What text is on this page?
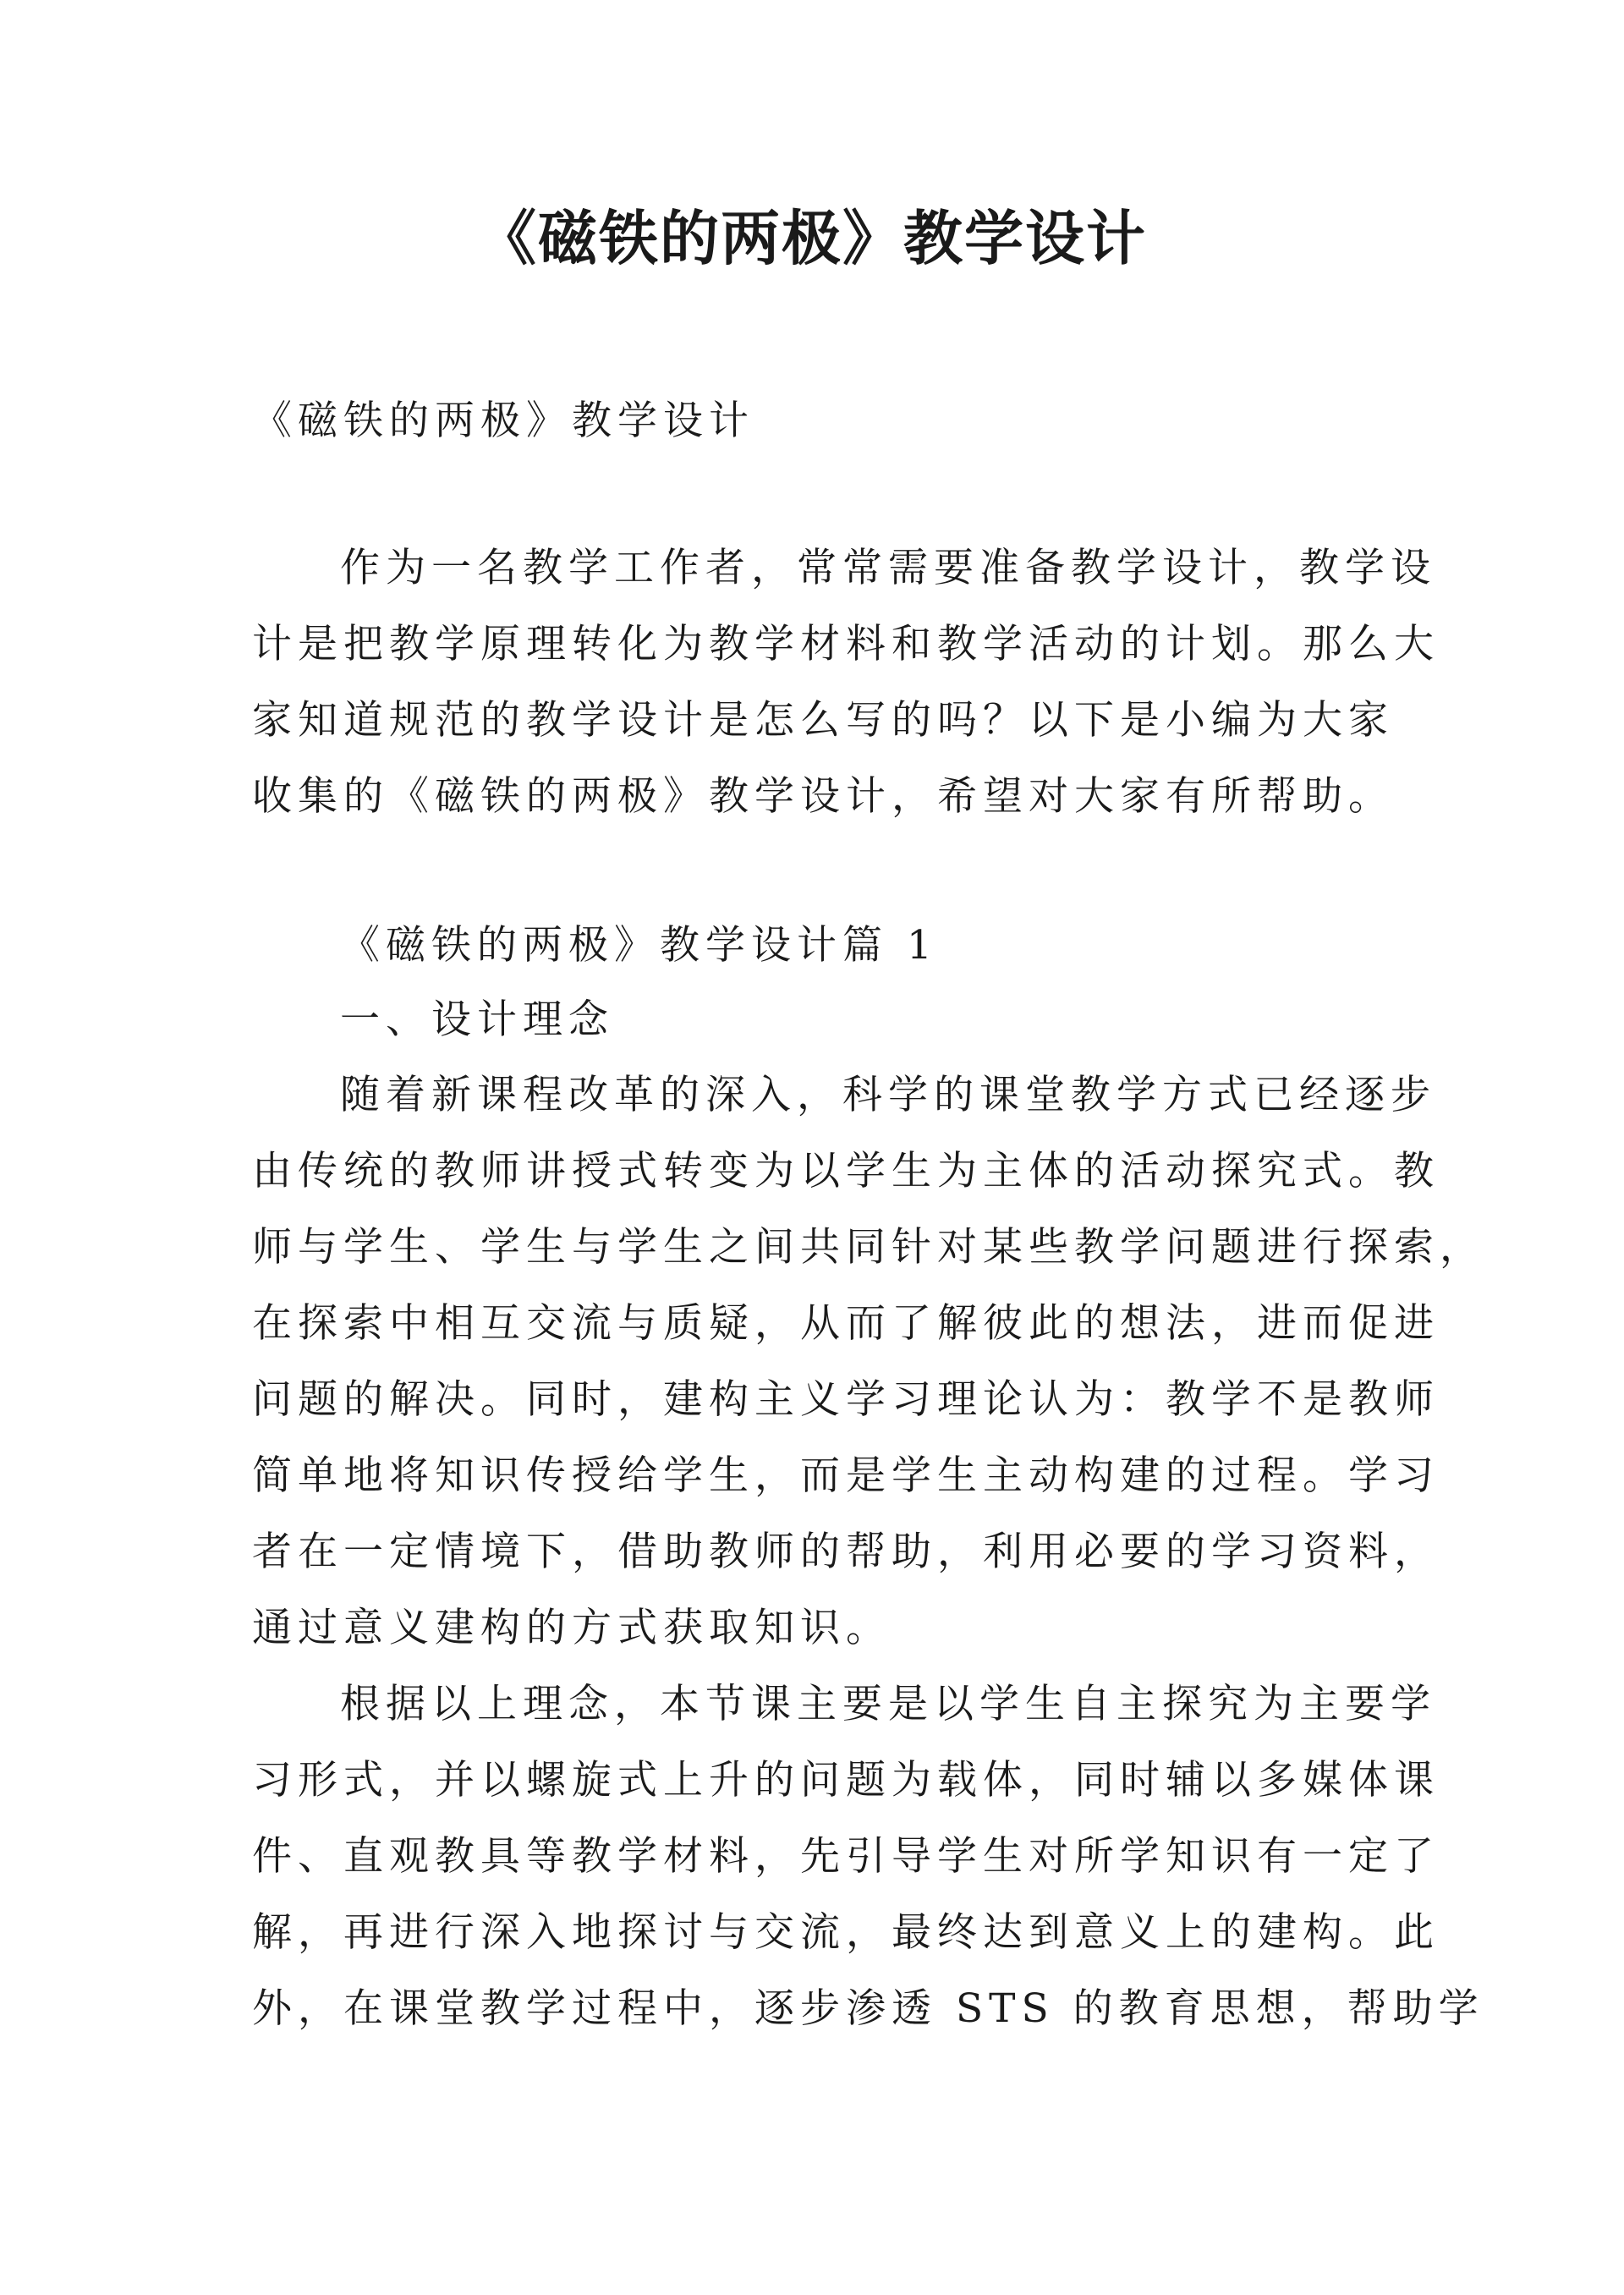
《磁铁的两极》教学设计

《磁铁的两极》教学设计

作为一名教学工作者，常常需要准备教学设计，教学设

计是把教学原理转化为教学材料和教学活动的计划。那么大

家知道规范的教学设计是怎么写的吗？以下是小编为大家

收集的《磁铁的两极》教学设计，希望对大家有所帮助。

《磁铁的两极》教学设计篇 1

一、设计理念

随着新课程改革的深入，科学的课堂教学方式已经逐步

由传统的教师讲授式转变为以学生为主体的活动探究式。教

师与学生、学生与学生之间共同针对某些教学问题进行探索，

在探索中相互交流与质疑，从而了解彼此的想法，进而促进

问题的解决。同时，建构主义学习理论认为：教学不是教师

简单地将知识传授给学生，而是学生主动构建的过程。学习

者在一定情境下，借助教师的帮助，利用必要的学习资料，

通过意义建构的方式获取知识。

根据以上理念，本节课主要是以学生自主探究为主要学

习形式，并以螺旋式上升的问题为载体，同时辅以多媒体课

件、直观教具等教学材料，先引导学生对所学知识有一定了

解，再进行深入地探讨与交流，最终达到意义上的建构。此

外，在课堂教学过程中，逐步渗透 STS 的教育思想，帮助学
